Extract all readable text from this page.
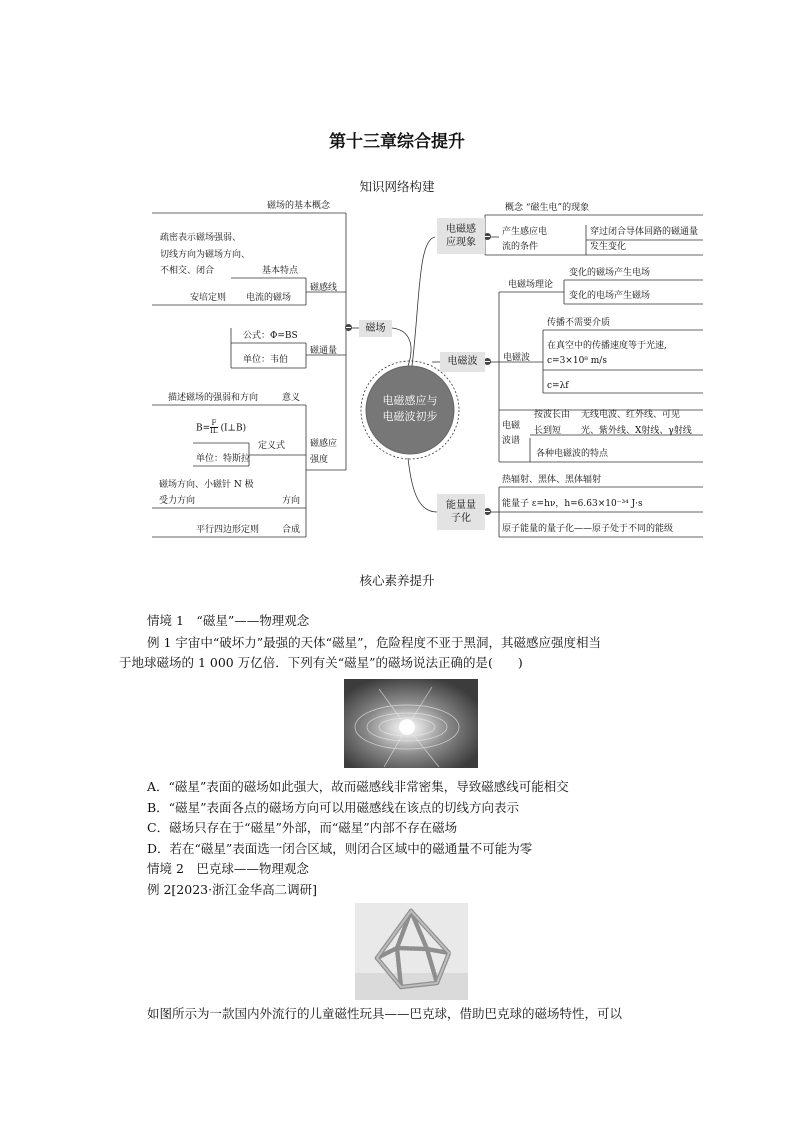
第十三章综合提升
知识网络构建
电磁感应与
电磁波初步
磁场
电磁感
应现象
电磁波
能量量
子化
磁场的基本概念
疏密表示磁场强弱、
切线方向为磁场方向、
不相交、闭合	基本特点
磁感线
安培定则 电流的磁场
公式：Φ=BS
磁通量
单位：韦伯
描述磁场的强弱和方向	意义
$B= \frac{F}{IL}$ (I⊥B)
定义式
单位：特斯拉
磁感应
强度
磁场方向、小磁针 N 极
受力方向	方向
平行四边形定则	合成
概念 “磁生电”的现象
产生感应电
流的条件
穿过闭合导体回路的磁通量
发生变化
电磁场理论
变化的磁场产生电场
变化的电场产生磁场
电磁波
传播不需要介质
在真空中的传播速度等于光速,
c=3×10⁸ m/s
c=λf
电磁
波谱
按波长由
长到短
无线电波、红外线、可见
光、紫外线、X射线、γ射线
各种电磁波的特点
热辐射、黑体、黑体辐射
能量子 ε=hν，h=6.63×10⁻³⁴ J·s
原子能量的量子化——原子处于不同的能级
核心素养提升
情境 1　“磁星”——物理观念
例 1 宇宙中“破坏力”最强的天体“磁星”，危险程度不亚于黑洞，其磁感应强度相当
于地球磁场的 1 000 万亿倍．下列有关“磁星”的磁场说法正确的是(　　)
A．“磁星”表面的磁场如此强大，故而磁感线非常密集，导致磁感线可能相交
B．“磁星”表面各点的磁场方向可以用磁感线在该点的切线方向表示
C．磁场只存在于“磁星”外部，而“磁星”内部不存在磁场
D．若在“磁星”表面选一闭合区域，则闭合区域中的磁通量不可能为零
情境 2　巴克球——物理观念
例 2[2023·浙江金华高二调研]
如图所示为一款国内外流行的儿童磁性玩具——巴克球，借助巴克球的磁场特性，可以
